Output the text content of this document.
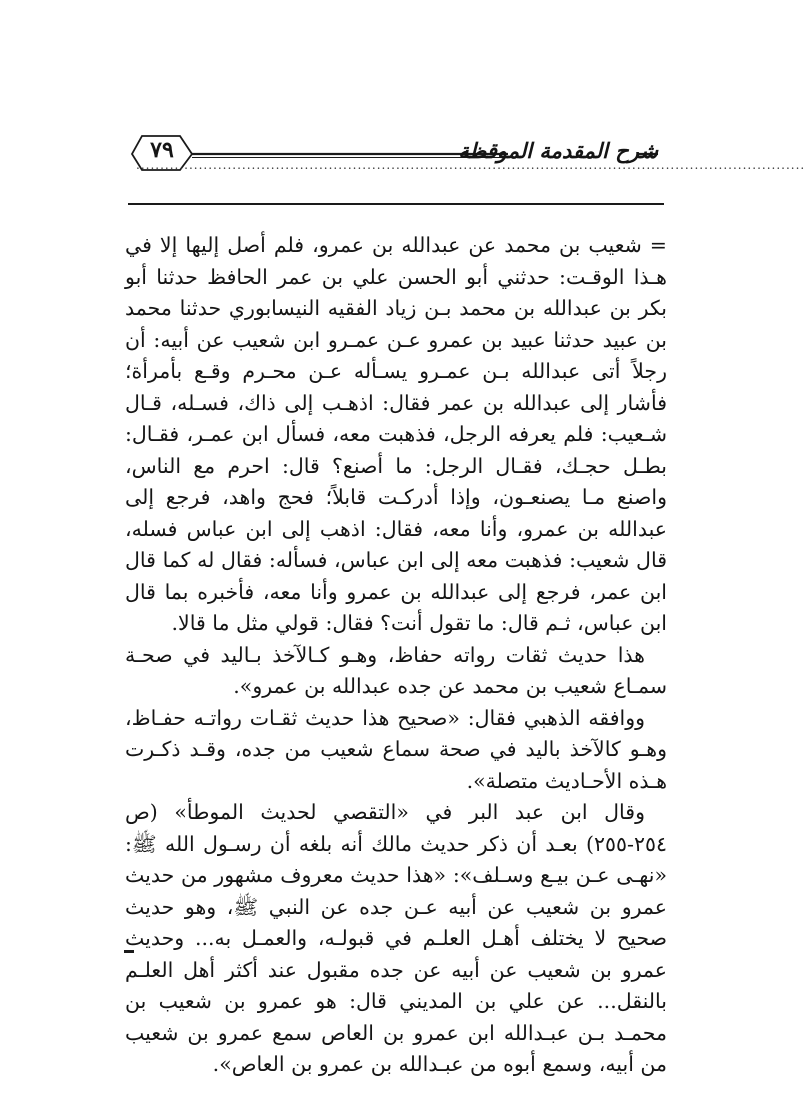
٧٩	شرح المقدمة الموقظة
...........................................................................................................................................

= شعيب بن محمد عن عبدالله بن عمرو، فلم أصل إليها إلا في هـذا الوقـت: حدثني أبو الحسن علي بن عمر الحافظ حدثنا أبو بكر بن عبدالله بن محمد بـن زياد الفقيه النيسابوري حدثنا محمد بن عبيد حدثنا عبيد بن عمرو عـن عمـرو ابن شعيب عن أبيه: أن رجلاً أتى عبدالله بـن عمـرو يسـأله عـن محـرم وقـع بأمرأة؛ فأشار إلى عبدالله بن عمر فقال: اذهـب إلى ذاك، فسـله، قـال شـعيب: فلم يعرفه الرجل، فذهبت معه، فسأل ابن عمـر، فقـال: بطـل حجـك، فقـال الرجل: ما أصنع؟ قال: احرم مع الناس، واصنع مـا يصنعـون، وإذا أدركـت قابلاً؛ فحج واهد، فرجع إلى عبدالله بن عمرو، وأنا معه، فقال: اذهب إلى ابن عباس فسله، قال شعيب: فذهبت معه إلى ابن عباس، فسأله: فقال له كما قال ابن عمر، فرجع إلى عبدالله بن عمرو وأنا معه، فأخبره بما قال ابن عباس، ثـم قال: ما تقول أنت؟ فقال: قولي مثل ما قالا.

هذا حديث ثقات رواته حفاظ، وهـو كـالآخذ بـاليد في صحـة سمـاع شعيب بن محمد عن جده عبدالله بن عمرو».

ووافقه الذهبي فقال: «صحيح هذا حديث ثقـات رواتـه حفـاظ، وهـو كالآخذ باليد في صحة سماع شعيب من جده، وقـد ذكـرت هـذه الأحـاديث متصلة».

وقال ابن عبد البر في «التقصي لحديث الموطأ» (ص ٢٥٤-٢٥٥) بعـد أن ذكر حديث مالك أنه بلغه أن رسـول الله ﷺ: «نهـى عـن بيـع وسـلف»: «هذا حديث معروف مشهور من حديث عمرو بن شعيب عن أبيه عـن جده عن النبي ﷺ، وهو حديث صحيح لا يختلف أهـل العلـم في قبولـه، والعمـل به... وحديث عمرو بن شعيب عن أبيه عن جده مقبول عند أكثر أهل العلـم بالنقل... عن علي بن المديني قال: هو عمرو بن شعيب بن محمـد بـن عبـدالله ابن عمرو بن العاص سمع عمرو بن شعيب من أبيه، وسمع أبوه من عبـدالله بن عمرو بن العاص».
